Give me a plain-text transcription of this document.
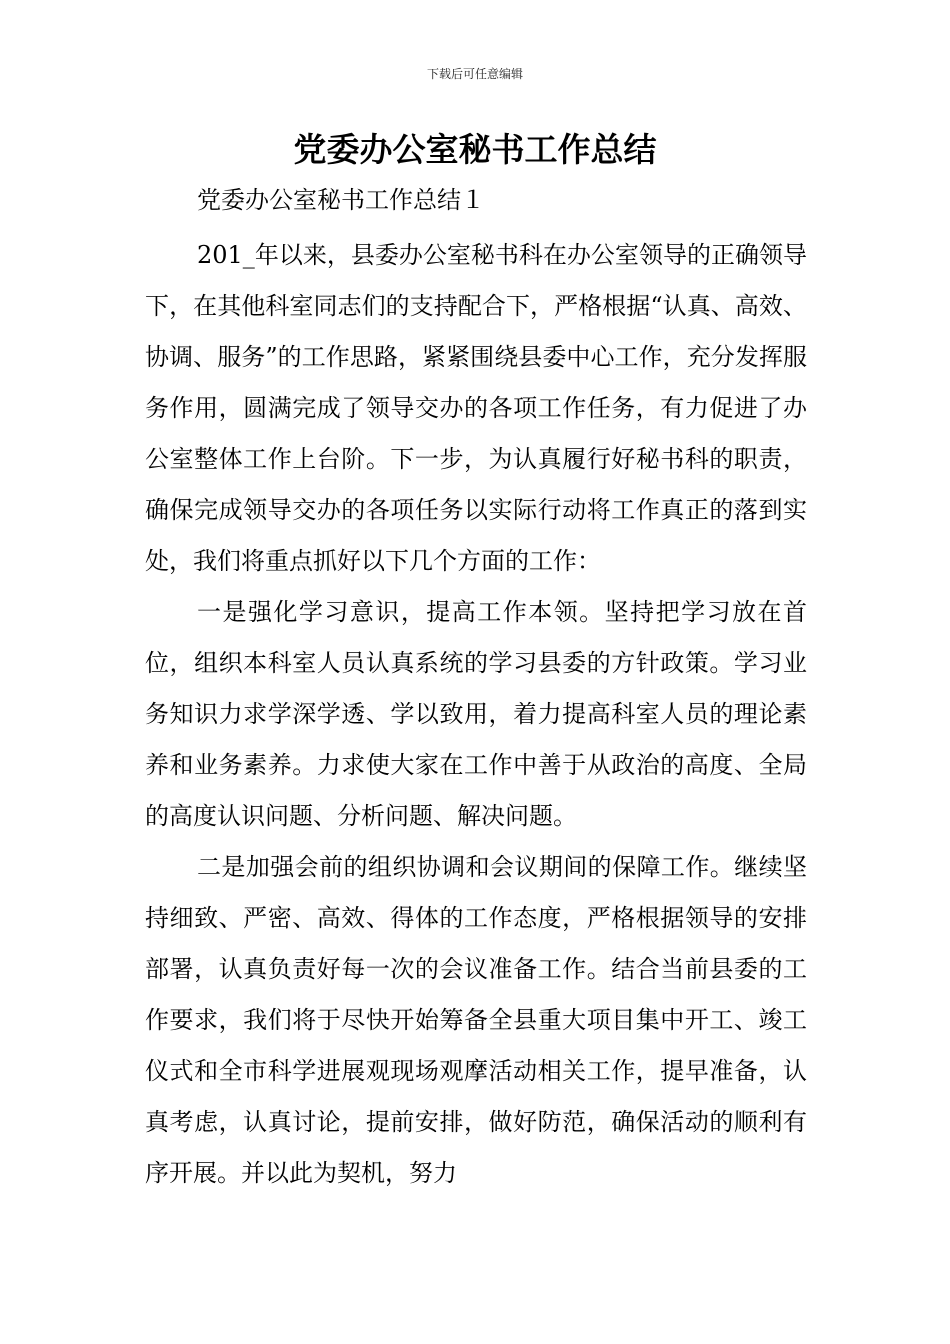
下载后可任意编辑
党委办公室秘书工作总结
党委办公室秘书工作总结１

201_年以来，县委办公室秘书科在办公室领导的正确领导下，在其他科室同志们的支持配合下，严格根据“认真、高效、协调、服务”的工作思路，紧紧围绕县委中心工作，充分发挥服务作用，圆满完成了领导交办的各项工作任务，有力促进了办公室整体工作上台阶。下一步，为认真履行好秘书科的职责，确保完成领导交办的各项任务以实际行动将工作真正的落到实处，我们将重点抓好以下几个方面的工作：

一是强化学习意识，提高工作本领。坚持把学习放在首位，组织本科室人员认真系统的学习县委的方针政策。学习业务知识力求学深学透、学以致用，着力提高科室人员的理论素养和业务素养。力求使大家在工作中善于从政治的高度、全局的高度认识问题、分析问题、解决问题。

二是加强会前的组织协调和会议期间的保障工作。继续坚持细致、严密、高效、得体的工作态度，严格根据领导的安排部署，认真负责好每一次的会议准备工作。结合当前县委的工作要求，我们将于尽快开始筹备全县重大项目集中开工、竣工仪式和全市科学进展观现场观摩活动相关工作，提早准备，认真考虑，认真讨论，提前安排，做好防范，确保活动的顺利有序开展。并以此为契机，努力
